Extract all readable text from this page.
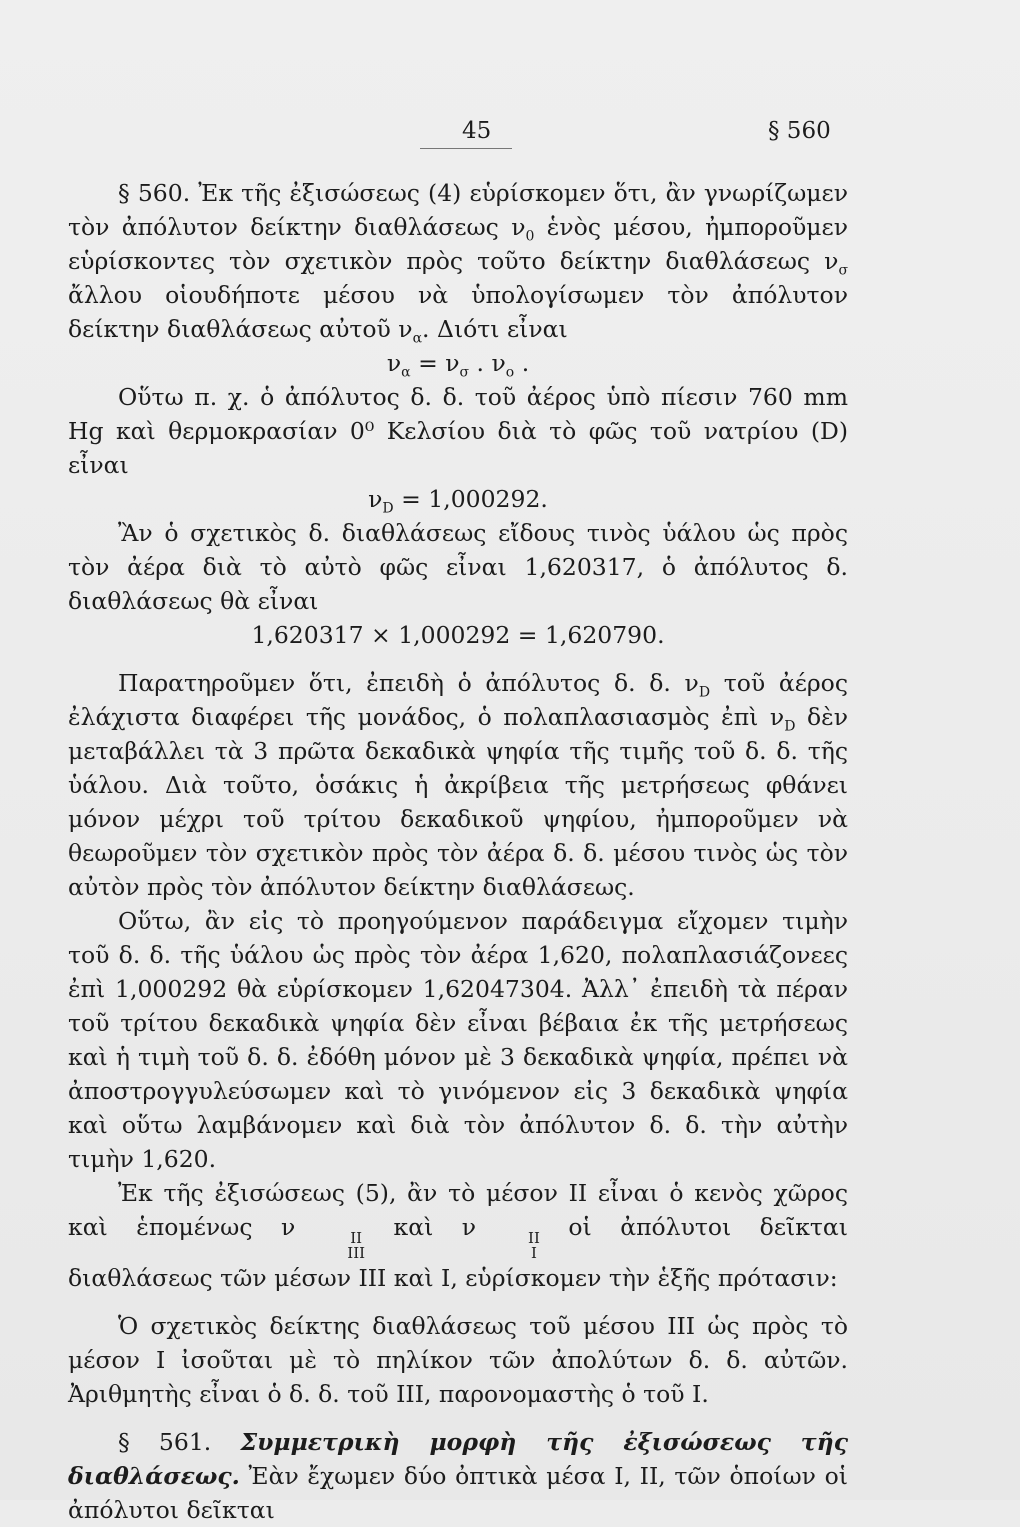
45	§ 560

§ 560. Ἐκ τῆς ἐξισώσεως (4) εὑρίσκομεν ὅτι, ἂν γνωρίζωμεν τὸν ἀπόλυτον δείκτην διαθλάσεως $\nu_0$ ἑνὸς μέσου, ἠμποροῦμεν εὑρίσκοντες τὸν σχετικὸν πρὸς τοῦτο δείκτην διαθλάσεως $\nu_\sigma$ ἄλλου οἱουδήποτε μέσου νὰ ὑπολογίσωμεν τὸν ἀπόλυτον δείκτην διαθλάσεως αὐτοῦ $\nu_\alpha$. Διότι εἶναι

$\nu_\alpha = \nu_\sigma$ . $\nu_o$ .

Οὕτω π. χ. ὁ ἀπόλυτος δ. δ. τοῦ ἀέρος ὑπὸ πίεσιν 760 mm Hg καὶ θερμοκρασίαν 0⁰ Κελσίου διὰ τὸ φῶς τοῦ νατρίου (D) εἶναι

$\nu_D = 1,000292$.

Ἂν ὁ σχετικὸς δ. διαθλάσεως εἴδους τινὸς ὑάλου ὡς πρὸς τὸν ἀέρα διὰ τὸ αὐτὸ φῶς εἶναι 1,620317, ὁ ἀπόλυτος δ. διαθλάσεως θὰ εἶναι

1,620317 × 1,000292 = 1,620790.

Παρατηροῦμεν ὅτι, ἐπειδὴ ὁ ἀπόλυτος δ. δ. $\nu_D$ τοῦ ἀέρος ἐλάχιστα διαφέρει τῆς μονάδος, ὁ πολαπλασιασμὸς ἐπὶ $\nu_D$ δὲν μεταβάλλει τὰ 3 πρῶτα δεκαδικὰ ψηφία τῆς τιμῆς τοῦ δ. δ. τῆς ὑάλου. Διὰ τοῦτο, ὁσάκις ἡ ἀκρίβεια τῆς μετρήσεως φθάνει μόνον μέχρι τοῦ τρίτου δεκαδικοῦ ψηφίου, ἠμποροῦμεν νὰ θεωροῦμεν τὸν σχετικὸν πρὸς τὸν ἀέρα δ. δ. μέσου τινὸς ὡς τὸν αὐτὸν πρὸς τὸν ἀπόλυτον δείκτην διαθλάσεως.

Οὕτω, ἂν εἰς τὸ προηγούμενον παράδειγμα εἴχομεν τιμὴν τοῦ δ. δ. τῆς ὑάλου ὡς πρὸς τὸν ἀέρα 1,620, πολαπλασιάζονεες ἐπὶ 1,000292 θὰ εὑρίσκομεν 1,62047304. Ἀλλ᾽ ἐπειδὴ τὰ πέραν τοῦ τρίτου δεκαδικὰ ψηφία δὲν εἶναι βέβαια ἐκ τῆς μετρήσεως καὶ ἡ τιμὴ τοῦ δ. δ. ἐδόθη μόνον μὲ 3 δεκαδικὰ ψηφία, πρέπει νὰ ἀποστρογγυλεύσωμεν καὶ τὸ γινόμενον εἰς 3 δεκαδικὰ ψηφία καὶ οὕτω λαμβάνομεν καὶ διὰ τὸν ἀπόλυτον δ. δ. τὴν αὐτὴν τιμὴν 1,620.

Ἐκ τῆς ἐξισώσεως (5), ἂν τὸ μέσον II εἶναι ὁ κενὸς χῶρος καὶ ἑπομένως ν	II
III
καὶ ν	II
I
οἱ ἀπόλυτοι δεῖκται διαθλάσεως τῶν μέσων III καὶ I, εὑρίσκομεν τὴν ἑξῆς πρότασιν:

Ὁ σχετικὸς δείκτης διαθλάσεως τοῦ μέσου III ὡς πρὸς τὸ μέσον I ἰσοῦται μὲ τὸ πηλίκον τῶν ἀπολύτων δ. δ. αὐτῶν. Ἀριθμητὴς εἶναι ὁ δ. δ. τοῦ III, παρονομαστὴς ὁ τοῦ I.

§ 561. Συμμετρικὴ μορφὴ τῆς ἐξισώσεως τῆς διαθλάσεως. Ἐὰν ἔχωμεν δύο ὀπτικὰ μέσα I, II, τῶν ὁποίων οἱ ἀπόλυτοι δεῖκται
